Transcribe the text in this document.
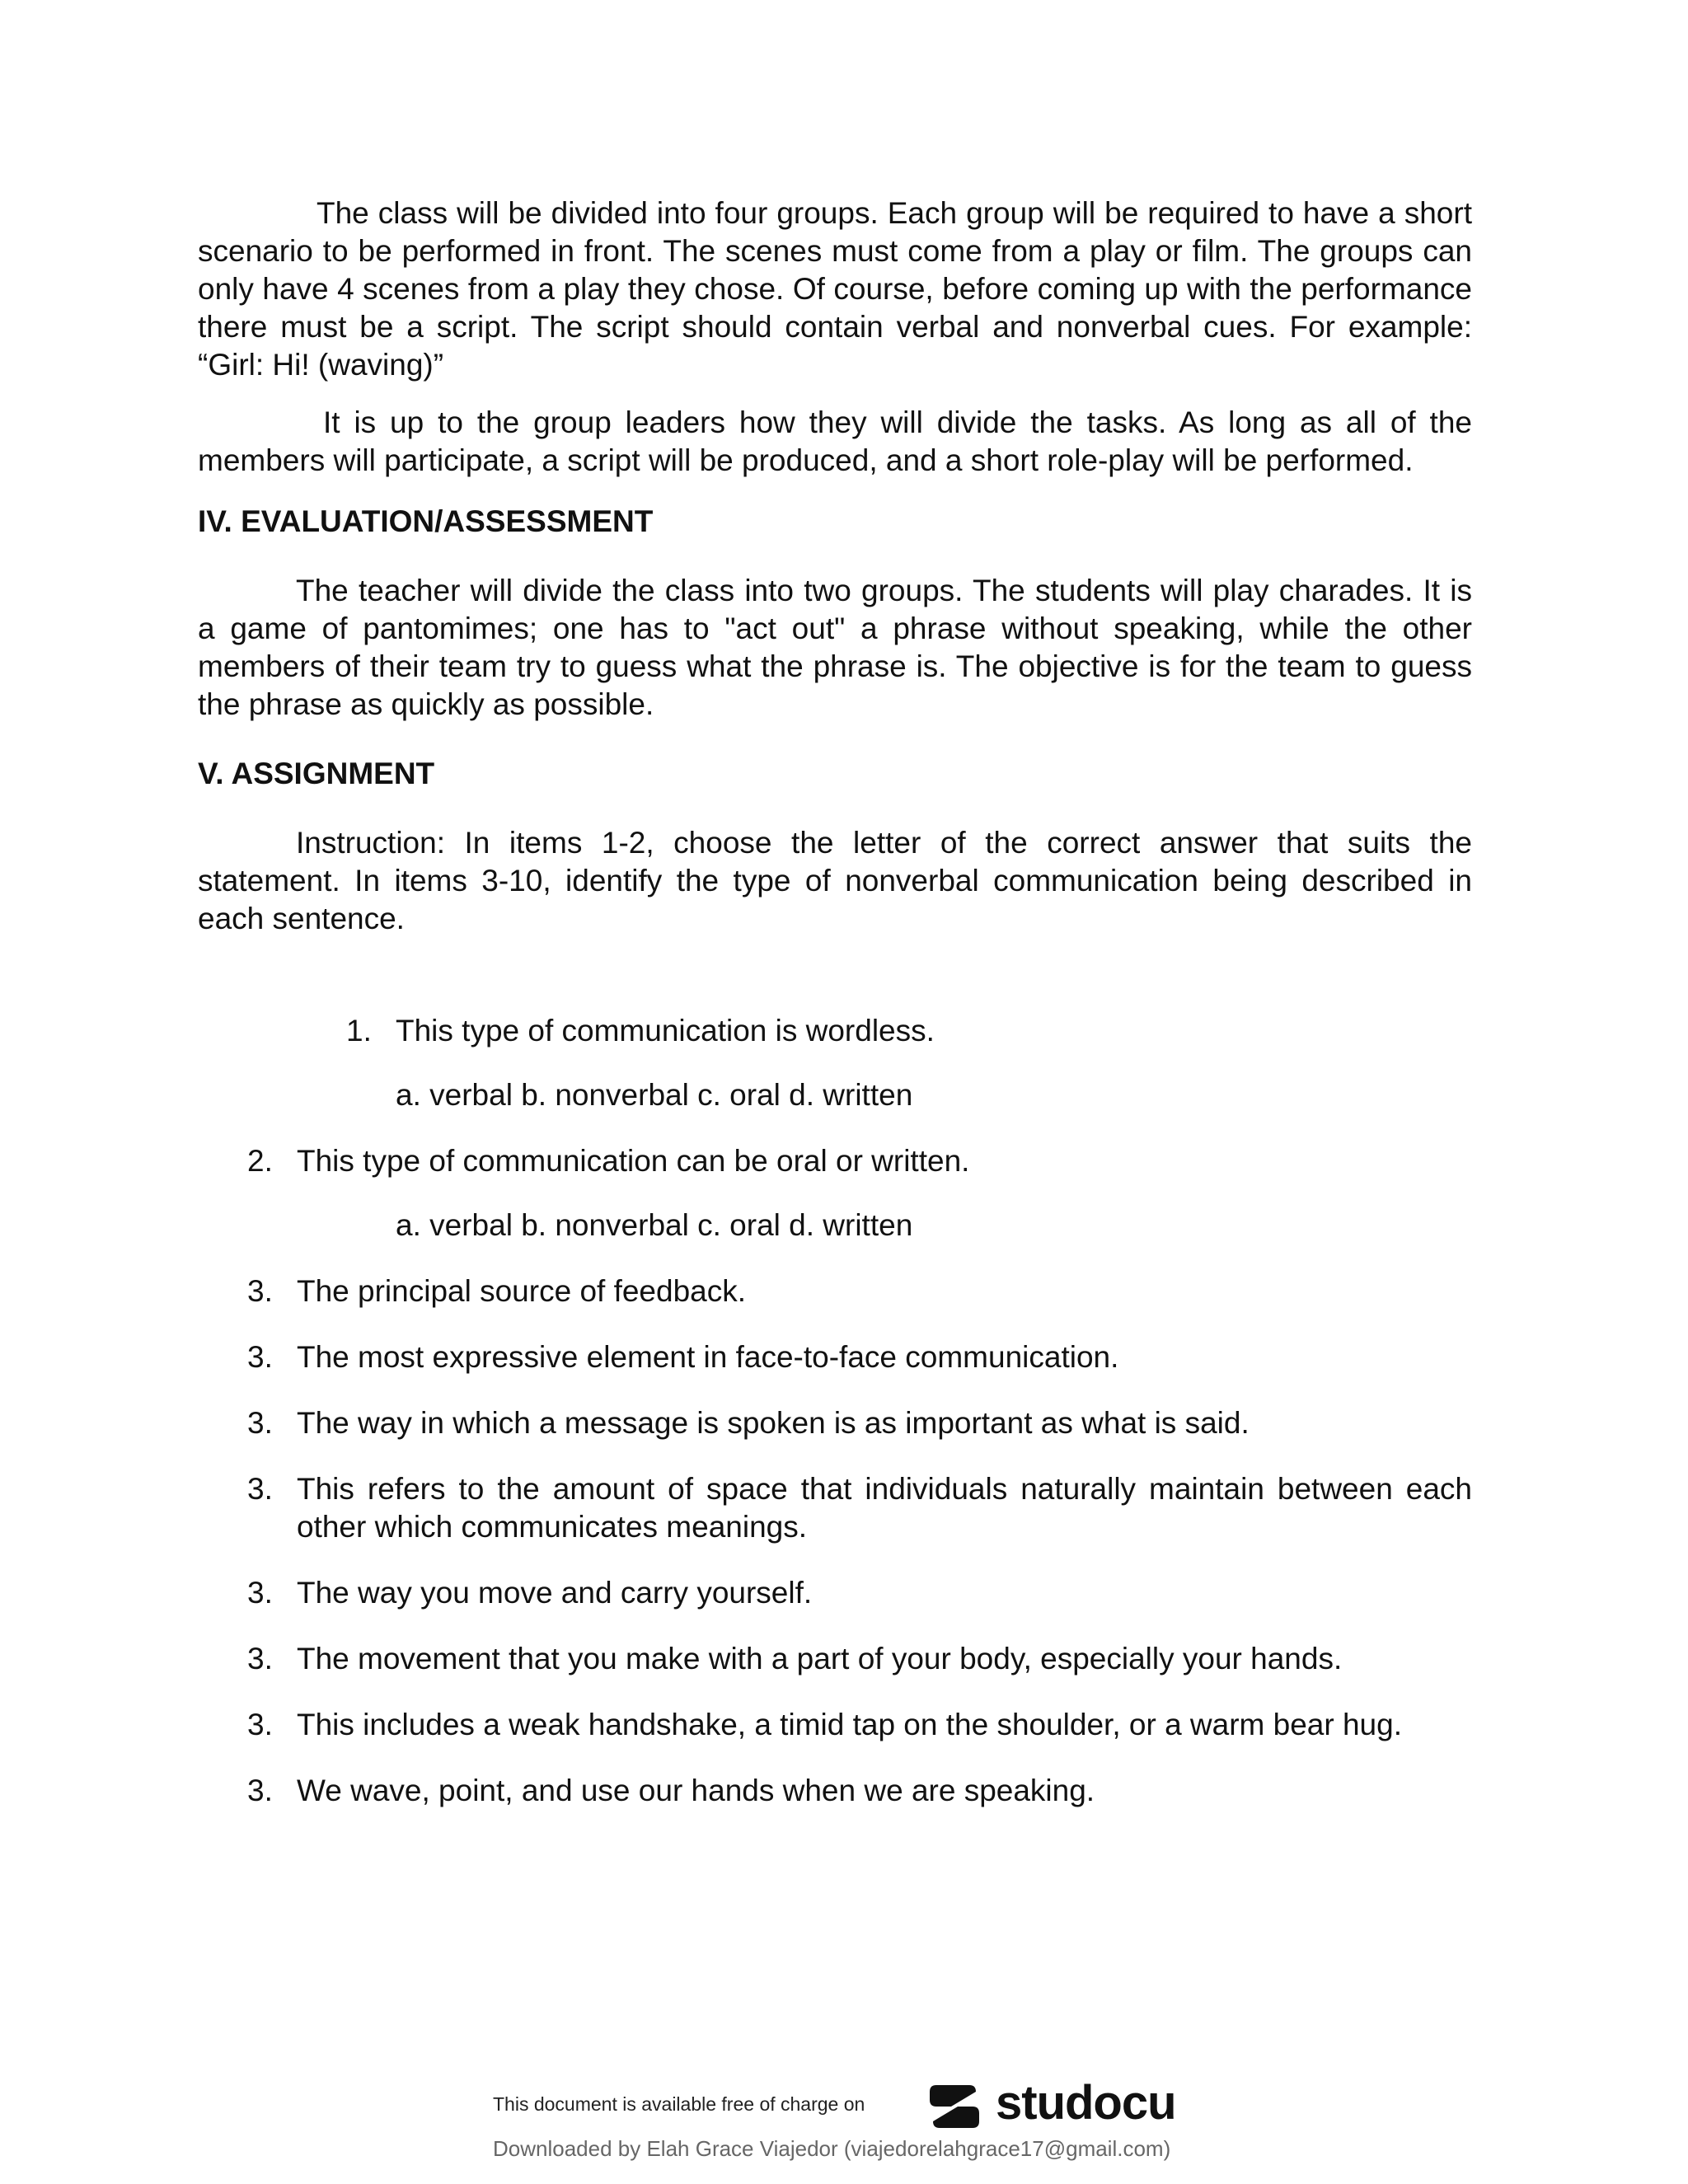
The class will be divided into four groups. Each group will be required to have a short scenario to be performed in front. The scenes must come from a play or film. The groups can only have 4 scenes from a play they chose. Of course, before coming up with the performance there must be a script. The script should contain verbal and nonverbal cues. For example: “Girl: Hi! (waving)”

It is up to the group leaders how they will divide the tasks. As long as all of the members will participate, a script will be produced, and a short role-play will be performed.

IV. EVALUATION/ASSESSMENT

The teacher will divide the class into two groups. The students will play charades. It is a game of pantomimes; one has to "act out" a phrase without speaking, while the other members of their team try to guess what the phrase is. The objective is for the team to guess the phrase as quickly as possible.

V. ASSIGNMENT

Instruction: In items 1-2, choose the letter of the correct answer that suits the statement. In items 3-10, identify the type of nonverbal communication being described in each sentence.

1. This type of communication is wordless.

a. verbal b. nonverbal c. oral d. written

2. This type of communication can be oral or written.

a. verbal b. nonverbal c. oral d. written

3. The principal source of feedback.
3. The most expressive element in face-to-face communication.
3. The way in which a message is spoken is as important as what is said.
3. This refers to the amount of space that individuals naturally maintain between each other which communicates meanings.
3. The way you move and carry yourself.
3. The movement that you make with a part of your body, especially your hands.
3. This includes a weak handshake, a timid tap on the shoulder, or a warm bear hug.
3. We wave, point, and use our hands when we are speaking.
This document is available free of charge on	studocu
Downloaded by Elah Grace Viajedor (viajedorelahgrace17@gmail.com)
